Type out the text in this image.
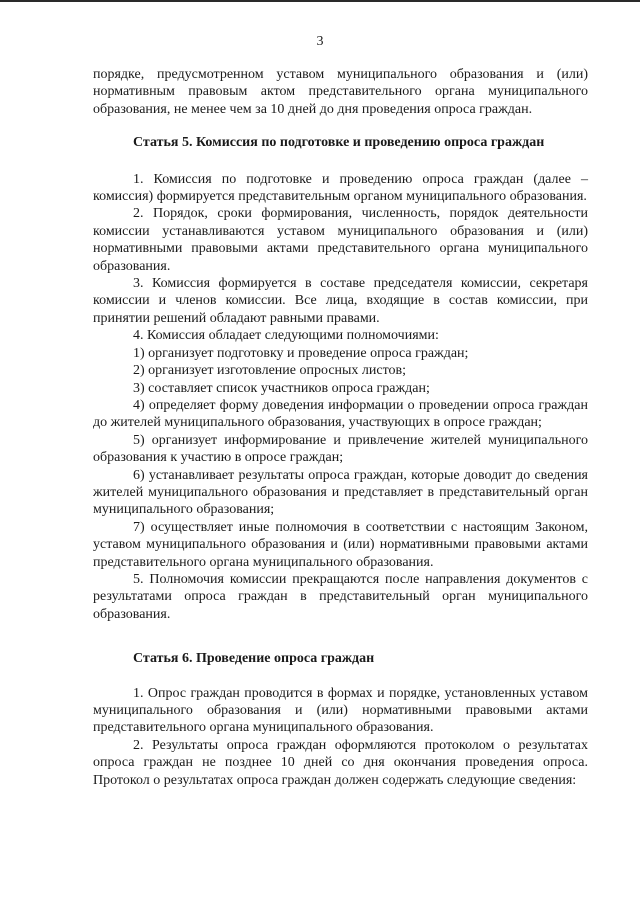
3

порядке, предусмотренном уставом муниципального образования и (или) нормативным правовым актом представительного органа муниципального образования, не менее чем за 10 дней до дня проведения опроса граждан.

Статья 5. Комиссия по подготовке и проведению опроса граждан

1. Комиссия по подготовке и проведению опроса граждан (далее – комиссия) формируется представительным органом муниципального образования.

2. Порядок, сроки формирования, численность, порядок деятельности комиссии устанавливаются уставом муниципального образования и (или) нормативными правовыми актами представительного органа муниципального образования.

3. Комиссия формируется в составе председателя комиссии, секретаря комиссии и членов комиссии. Все лица, входящие в состав комиссии, при принятии решений обладают равными правами.

4. Комиссия обладает следующими полномочиями:

1) организует подготовку и проведение опроса граждан;

2) организует изготовление опросных листов;

3) составляет список участников опроса граждан;

4) определяет форму доведения информации о проведении опроса граждан до жителей муниципального образования, участвующих в опросе граждан;

5) организует информирование и привлечение жителей муниципального образования к участию в опросе граждан;

6) устанавливает результаты опроса граждан, которые доводит до сведения жителей муниципального образования и представляет в представительный орган муниципального образования;

7) осуществляет иные полномочия в соответствии с настоящим Законом, уставом муниципального образования и (или) нормативными правовыми актами представительного органа муниципального образования.

5. Полномочия комиссии прекращаются после направления документов с результатами опроса граждан в представительный орган муниципального образования.

Статья 6. Проведение опроса граждан

1. Опрос граждан проводится в формах и порядке, установленных уставом муниципального образования и (или) нормативными правовыми актами представительного органа муниципального образования.

2. Результаты опроса граждан оформляются протоколом о результатах опроса граждан не позднее 10 дней со дня окончания проведения опроса. Протокол о результатах опроса граждан должен содержать следующие сведения:
